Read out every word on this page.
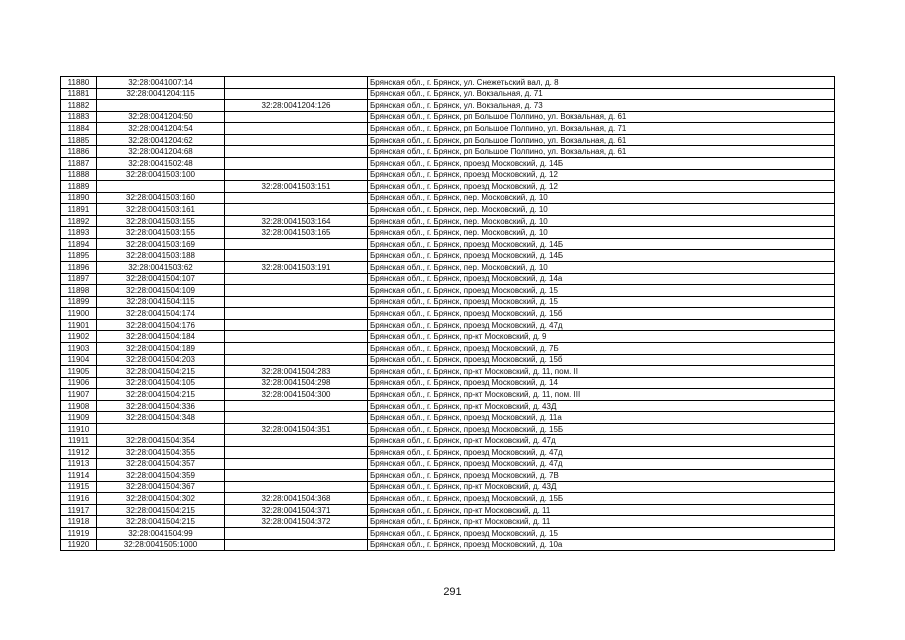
11880	32:28:0041007:14		Брянская обл., г. Брянск, ул. Снежетьский вал, д. 8
11881	32:28:0041204:115		Брянская обл., г. Брянск, ул. Вокзальная, д. 71
11882		32:28:0041204:126	Брянская обл., г. Брянск, ул. Вокзальная, д. 73
11883	32:28:0041204:50		Брянская обл., г. Брянск, рп Большое Полпино, ул. Вокзальная, д. 61
11884	32:28:0041204:54		Брянская обл., г. Брянск, рп Большое Полпино, ул. Вокзальная, д. 71
11885	32:28:0041204:62		Брянская обл., г. Брянск, рп Большое Полпино, ул. Вокзальная, д. 61
11886	32:28:0041204:68		Брянская обл., г. Брянск, рп Большое Полпино, ул. Вокзальная, д. 61
11887	32:28:0041502:48		Брянская обл., г. Брянск, проезд Московский, д. 14Б
11888	32:28:0041503:100		Брянская обл., г. Брянск, проезд Московский, д. 12
11889		32:28:0041503:151	Брянская обл., г. Брянск, проезд Московский, д. 12
11890	32:28:0041503:160		Брянская обл., г. Брянск, пер. Московский, д. 10
11891	32:28:0041503:161		Брянская обл., г. Брянск, пер. Московский, д. 10
11892	32:28:0041503:155	32:28:0041503:164	Брянская обл., г. Брянск, пер. Московский, д. 10
11893	32:28:0041503:155	32:28:0041503:165	Брянская обл., г. Брянск, пер. Московский, д. 10
11894	32:28:0041503:169		Брянская обл., г. Брянск, проезд Московский, д. 14Б
11895	32:28:0041503:188		Брянская обл., г. Брянск, проезд Московский, д. 14Б
11896	32:28:0041503:62	32:28:0041503:191	Брянская обл., г. Брянск, пер. Московский, д. 10
11897	32:28:0041504:107		Брянская обл., г. Брянск, проезд Московский, д. 14а
11898	32:28:0041504:109		Брянская обл., г. Брянск, проезд Московский, д. 15
11899	32:28:0041504:115		Брянская обл., г. Брянск, проезд Московский, д. 15
11900	32:28:0041504:174		Брянская обл., г. Брянск, проезд Московский, д. 15б
11901	32:28:0041504:176		Брянская обл., г. Брянск, проезд Московский, д. 47д
11902	32:28:0041504:184		Брянская обл., г. Брянск, пр-кт Московский, д. 9
11903	32:28:0041504:189		Брянская обл., г. Брянск, проезд Московский, д. 7Б
11904	32:28:0041504:203		Брянская обл., г. Брянск, проезд Московский, д. 15б
11905	32:28:0041504:215	32:28:0041504:283	Брянская обл., г. Брянск, пр-кт Московский, д. 11, пом. II
11906	32:28:0041504:105	32:28:0041504:298	Брянская обл., г. Брянск, проезд Московский, д. 14
11907	32:28:0041504:215	32:28:0041504:300	Брянская обл., г. Брянск, пр-кт Московский, д. 11, пом. III
11908	32:28:0041504:336		Брянская обл., г. Брянск, пр-кт Московский, д. 43Д
11909	32:28:0041504:348		Брянская обл., г. Брянск, проезд Московский, д. 11а
11910		32:28:0041504:351	Брянская обл., г. Брянск, проезд Московский, д. 15Б
11911	32:28:0041504:354		Брянская обл., г. Брянск, пр-кт Московский, д. 47д
11912	32:28:0041504:355		Брянская обл., г. Брянск, проезд Московский, д. 47д
11913	32:28:0041504:357		Брянская обл., г. Брянск, проезд Московский, д. 47д
11914	32:28:0041504:359		Брянская обл., г. Брянск, проезд Московский, д. 7В
11915	32:28:0041504:367		Брянская обл., г. Брянск, пр-кт Московский, д. 43Д
11916	32:28:0041504:302	32:28:0041504:368	Брянская обл., г. Брянск, проезд Московский, д. 15Б
11917	32:28:0041504:215	32:28:0041504:371	Брянская обл., г. Брянск, пр-кт Московский, д. 11
11918	32:28:0041504:215	32:28:0041504:372	Брянская обл., г. Брянск, пр-кт Московский, д. 11
11919	32:28:0041504:99		Брянская обл., г. Брянск, проезд Московский, д. 15
11920	32:28:0041505:1000		Брянская обл., г. Брянск, проезд Московский, д. 10а
291
